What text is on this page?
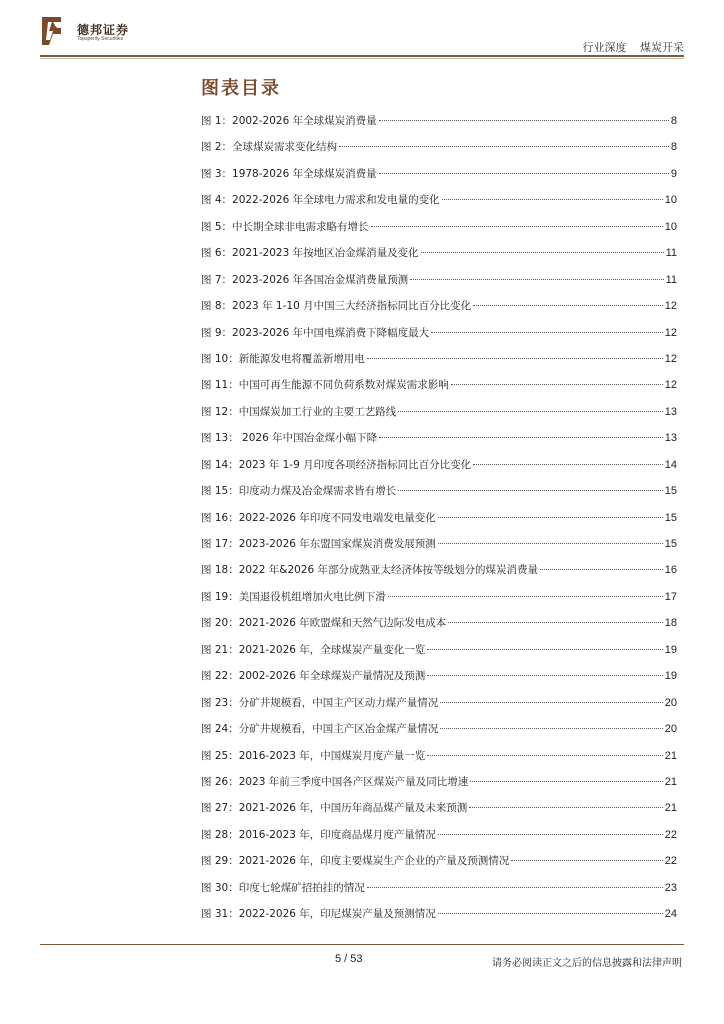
德邦证券
Topsperity Securities
行业深度 煤炭开采
图表目录
图 1：2002-2026 年全球煤炭消费量	8
图 2：全球煤炭需求变化结构	8
图 3：1978-2026 年全球煤炭消费量	9
图 4：2022-2026 年全球电力需求和发电量的变化	10
图 5：中长期全球非电需求略有增长	10
图 6：2021-2023 年按地区冶金煤消量及变化	11
图 7：2023-2026 年各国冶金煤消费量预测	11
图 8：2023 年 1-10 月中国三大经济指标同比百分比变化	12
图 9：2023-2026 年中国电煤消费下降幅度最大	12
图 10：新能源发电将覆盖新增用电	12
图 11：中国可再生能源不同负荷系数对煤炭需求影响	12
图 12：中国煤炭加工行业的主要工艺路线	13
图 13： 2026 年中国冶金煤小幅下降	13
图 14：2023 年 1-9 月印度各项经济指标同比百分比变化	14
图 15：印度动力煤及冶金煤需求皆有增长	15
图 16：2022-2026 年印度不同发电端发电量变化	15
图 17：2023-2026 年东盟国家煤炭消费发展预测	15
图 18：2022 年&2026 年部分成熟亚太经济体按等级划分的煤炭消费量	16
图 19：美国退役机组增加火电比例下滑	17
图 20：2021-2026 年欧盟煤和天然气边际发电成本	18
图 21：2021-2026 年，全球煤炭产量变化一览	19
图 22：2002-2026 年全球煤炭产量情况及预测	19
图 23：分矿井规模看，中国主产区动力煤产量情况	20
图 24：分矿井规模看，中国主产区冶金煤产量情况	20
图 25：2016-2023 年，中国煤炭月度产量一览	21
图 26：2023 年前三季度中国各产区煤炭产量及同比增速	21
图 27：2021-2026 年，中国历年商品煤产量及未来预测	21
图 28：2016-2023 年，印度商品煤月度产量情况	22
图 29：2021-2026 年，印度主要煤炭生产企业的产量及预测情况	22
图 30：印度七轮煤矿招拍挂的情况	23
图 31：2022-2026 年，印尼煤炭产量及预测情况	24
5 / 53	请务必阅读正文之后的信息披露和法律声明
